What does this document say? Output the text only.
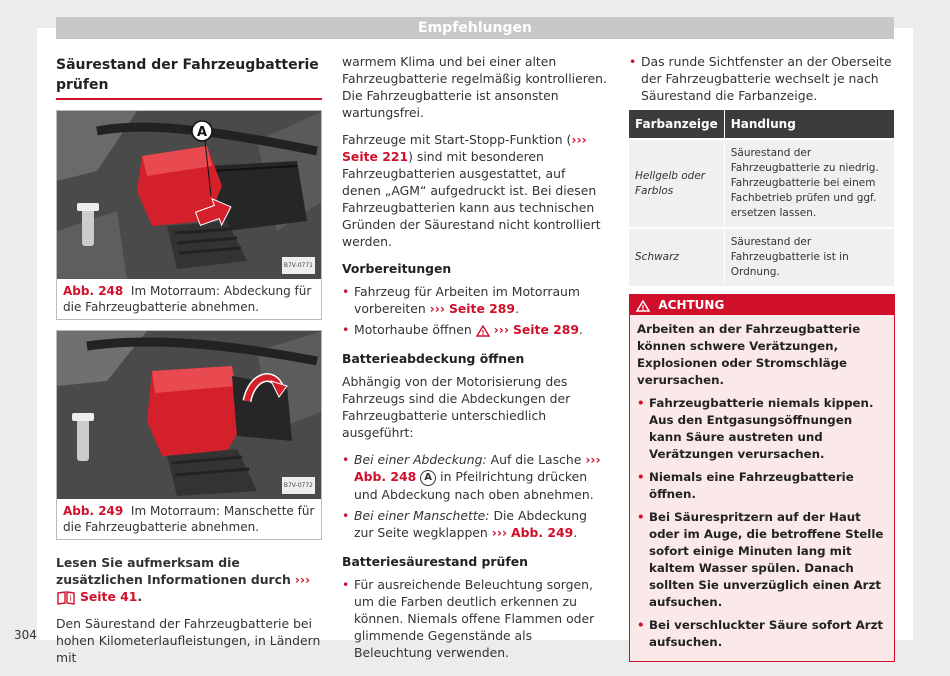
Empfehlungen
Säurestand der Fahrzeugbatterie prüfen
A
B7V-0771
Abb. 248 Im Motorraum: Abdeckung für die Fahrzeugbatterie abnehmen.
B7V-0772
Abb. 249 Im Motorraum: Manschette für die Fahrzeugbatterie abnehmen.

Lesen Sie aufmerksam die zusätzlichen Informationen durch ›››
i Seite 41.

Den Säurestand der Fahrzeugbatterie bei hohen Kilometerlaufleistungen, in Ländern mit

warmem Klima und bei einer alten Fahrzeugbatterie regelmäßig kontrollieren. Die Fahrzeugbatterie ist ansonsten wartungsfrei.

Fahrzeuge mit Start-Stopp-Funktion (››› Seite 221) sind mit besonderen Fahrzeugbatterien ausgestattet, auf denen „AGM“ aufgedruckt ist. Bei diesen Fahrzeugbatterien kann aus technischen Gründen der Säurestand nicht kontrolliert werden.

Vorbereitungen
• Fahrzeug für Arbeiten im Motorraum vorbereiten ››› Seite 289.
• Motorhaube öffnen ! ››› Seite 289.
Batterieabdeckung öffnen

Abhängig von der Motorisierung des Fahrzeugs sind die Abdeckungen der Fahrzeugbatterie unterschiedlich ausgeführt:

• Bei einer Abdeckung: Auf die Lasche ››› Abb. 248 A in Pfeilrichtung drücken und Abdeckung nach oben abnehmen.
• Bei einer Manschette: Die Abdeckung zur Seite wegklappen ››› Abb. 249.
Batteriesäurestand prüfen
• Für ausreichende Beleuchtung sorgen, um die Farben deutlich erkennen zu können. Niemals offene Flammen oder glimmende Gegenstände als Beleuchtung verwenden.
• Das runde Sichtfenster an der Oberseite der Fahrzeugbatterie wechselt je nach Säurestand die Farbanzeige.
Farbanzeige	Handlung
Hellgelb oder Farblos	Säurestand der Fahrzeugbatterie zu niedrig. Fahrzeugbatterie bei einem Fachbetrieb prüfen und ggf. ersetzen lassen.
Schwarz	Säurestand der Fahrzeugbatterie ist in Ordnung.
! ACHTUNG

Arbeiten an der Fahrzeugbatterie können schwere Verätzungen, Explosionen oder Stromschläge verursachen.

• Fahrzeugbatterie niemals kippen. Aus den Entgasungsöffnungen kann Säure austreten und Verätzungen verursachen.
• Niemals eine Fahrzeugbatterie öffnen.
• Bei Säurespritzern auf der Haut oder im Auge, die betroffene Stelle sofort einige Minuten lang mit kaltem Wasser spülen. Danach sollten Sie unverzüglich einen Arzt aufsuchen.
• Bei verschluckter Säure sofort Arzt aufsuchen.
304
